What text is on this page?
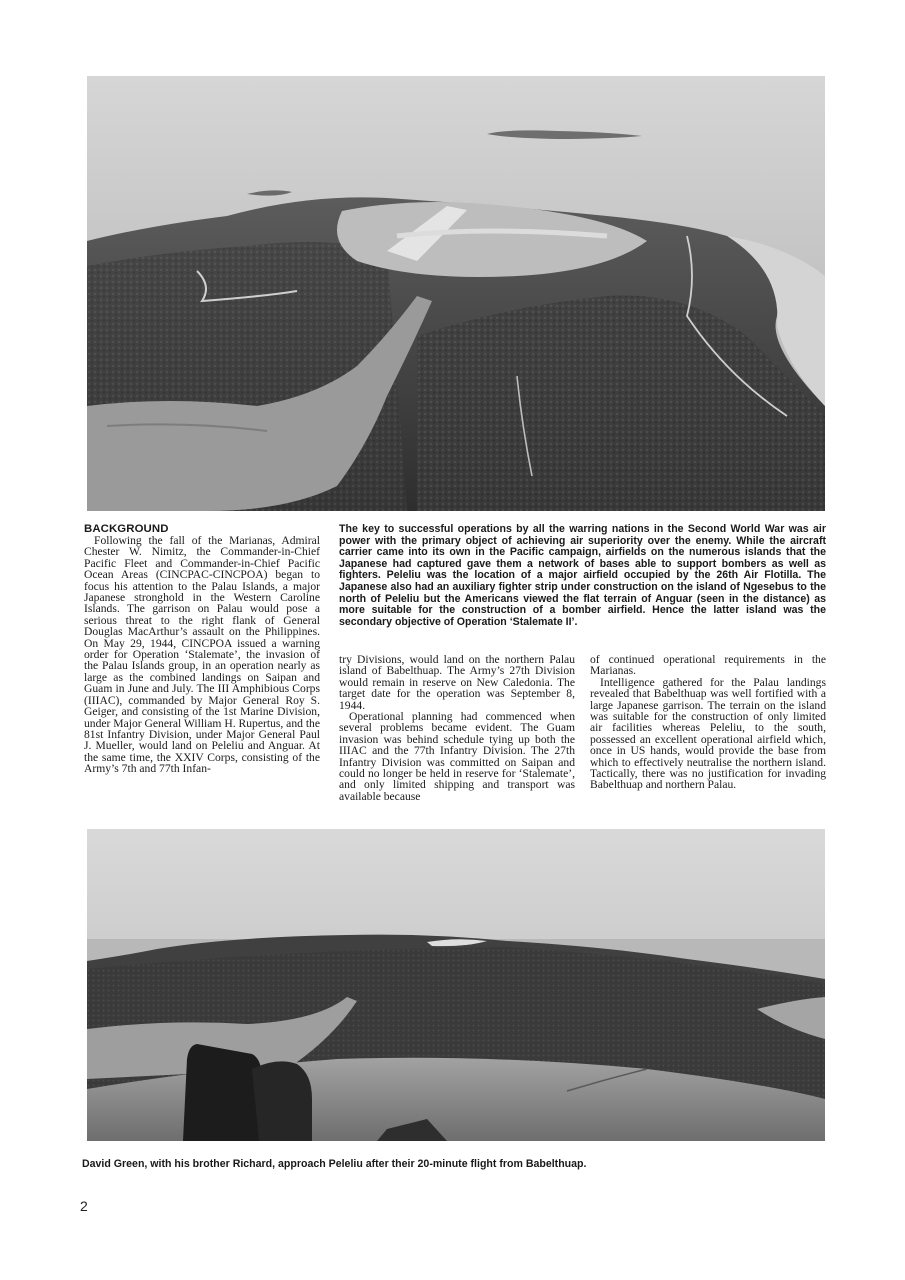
BACKGROUND

Following the fall of the Marianas, Admiral Chester W. Nimitz, the Commander-in-Chief Pacific Fleet and Commander-in-Chief Pacific Ocean Areas (CINCPAC-CINCPOA) began to focus his attention to the Palau Islands, a major Japanese stronghold in the Western Caroline Islands. The garrison on Palau would pose a serious threat to the right flank of General Douglas MacArthur’s assault on the Philippines. On May 29, 1944, CINCPOA issued a warning order for Operation ‘Stalemate’, the invasion of the Palau Islands group, in an operation nearly as large as the combined landings on Saipan and Guam in June and July. The III Amphibious Corps (IIIAC), commanded by Major General Roy S. Geiger, and consisting of the 1st Marine Division, under Major General William H. Rupertus, and the 81st Infantry Division, under Major General Paul J. Mueller, would land on Peleliu and Anguar. At the same time, the XXIV Corps, consisting of the Army’s 7th and 77th Infan-

The key to successful operations by all the warring nations in the Second World War was air power with the primary object of achieving air superiority over the enemy. While the aircraft carrier came into its own in the Pacific campaign, airfields on the numerous islands that the Japanese had captured gave them a network of bases able to support bombers as well as fighters. Peleliu was the location of a major airfield occupied by the 26th Air Flotilla. The Japanese also had an auxiliary fighter strip under construction on the island of Ngesebus to the north of Peleliu but the Americans viewed the flat terrain of Anguar (seen in the distance) as more suitable for the construction of a bomber airfield. Hence the latter island was the secondary objective of Operation ‘Stalemate II’.

try Divisions, would land on the northern Palau island of Babelthuap. The Army’s 27th Division would remain in reserve on New Caledonia. The target date for the operation was September 8, 1944.

Operational planning had commenced when several problems became evident. The Guam invasion was behind schedule tying up both the IIIAC and the 77th Infantry Division. The 27th Infantry Division was committed on Saipan and could no longer be held in reserve for ‘Stalemate’, and only limited shipping and transport was available because

of continued operational requirements in the Marianas.

Intelligence gathered for the Palau landings revealed that Babelthuap was well fortified with a large Japanese garrison. The terrain on the island was suitable for the construction of only limited air facilities whereas Peleliu, to the south, possessed an excellent operational airfield which, once in US hands, would provide the base from which to effectively neutralise the northern island. Tactically, there was no justification for invading Babelthuap and northern Palau.

David Green, with his brother Richard, approach Peleliu after their 20-minute flight from Babelthuap.

2
